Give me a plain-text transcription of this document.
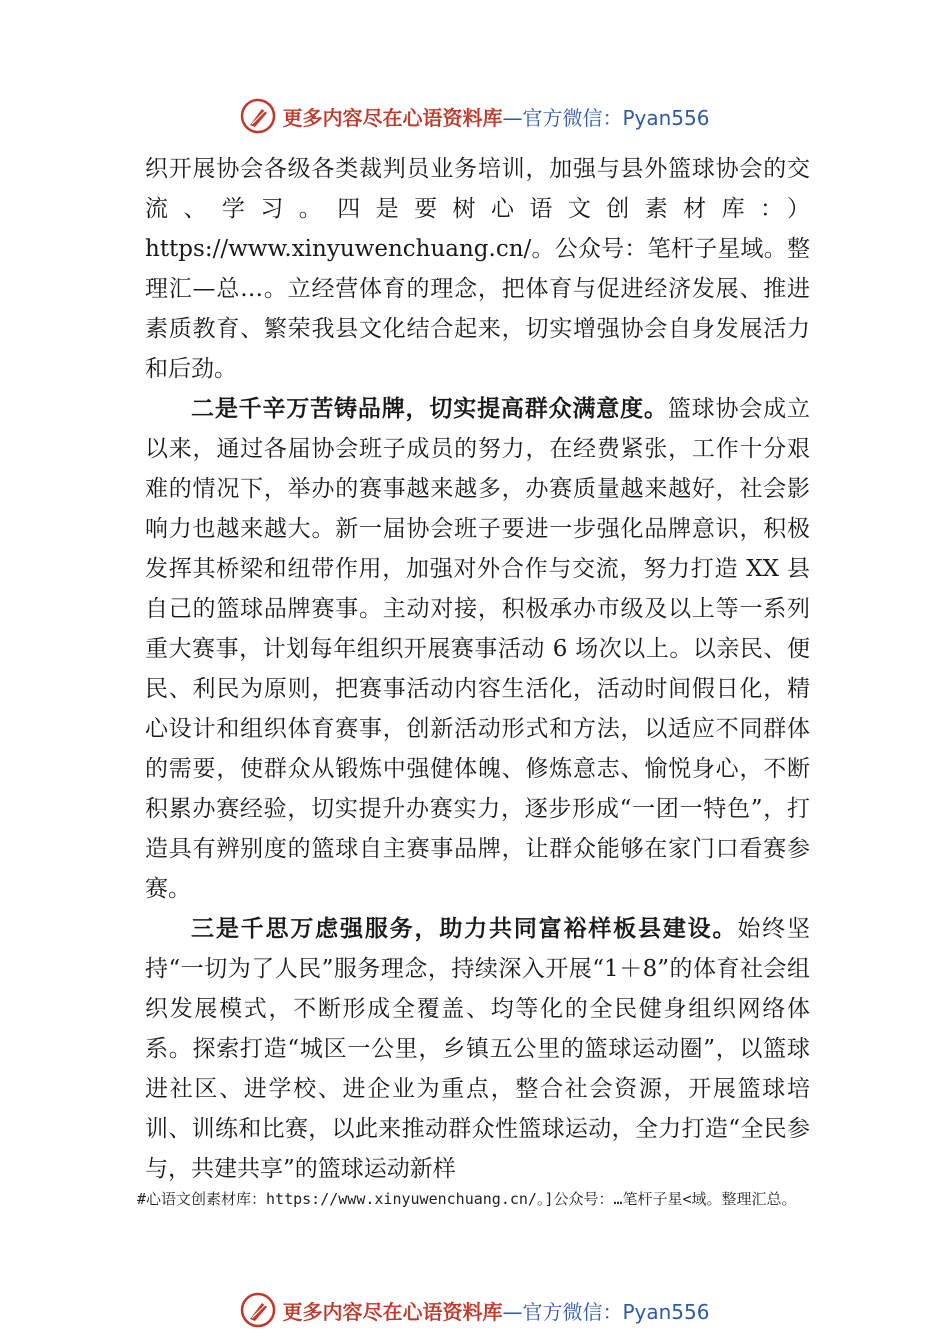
更多内容尽在心语资料库 —官方微信：Pyan556

织开展协会各级各类裁判员业务培训，加强与县外篮球协会的交流、学习。四是要树心语文创素材库：）https://www.xinyuwenchuang.cn/。公众号：笔杆子星域。整理汇—总…。立经营体育的理念，把体育与促进经济发展、推进素质教育、繁荣我县文化结合起来，切实增强协会自身发展活力和后劲。

二是千辛万苦铸品牌，切实提高群众满意度。篮球协会成立以来，通过各届协会班子成员的努力，在经费紧张，工作十分艰难的情况下，举办的赛事越来越多，办赛质量越来越好，社会影响力也越来越大。新一届协会班子要进一步强化品牌意识，积极发挥其桥梁和纽带作用，加强对外合作与交流，努力打造 XX 县自己的篮球品牌赛事。主动对接，积极承办市级及以上等一系列重大赛事，计划每年组织开展赛事活动 6 场次以上。以亲民、便民、利民为原则，把赛事活动内容生活化，活动时间假日化，精心设计和组织体育赛事，创新活动形式和方法，以适应不同群体的需要，使群众从锻炼中强健体魄、修炼意志、愉悦身心，不断积累办赛经验，切实提升办赛实力，逐步形成“一团一特色”，打造具有辨别度的篮球自主赛事品牌，让群众能够在家门口看赛参赛。

三是千思万虑强服务，助力共同富裕样板县建设。始终坚持“一切为了人民”服务理念，持续深入开展“1＋8”的体育社会组织发展模式，不断形成全覆盖、均等化的全民健身组织网络体系。探索打造“城区一公里，乡镇五公里的篮球运动圈”，以篮球进社区、进学校、进企业为重点，整合社会资源，开展篮球培训、训练和比赛，以此来推动群众性篮球运动，全力打造“全民参与，共建共享”的篮球运动新样

#心语文创素材库：https://www.xinyuwenchuang.cn/。]公众号：…笔杆子星<域。整理汇总。
更多内容尽在心语资料库 —官方微信：Pyan556
